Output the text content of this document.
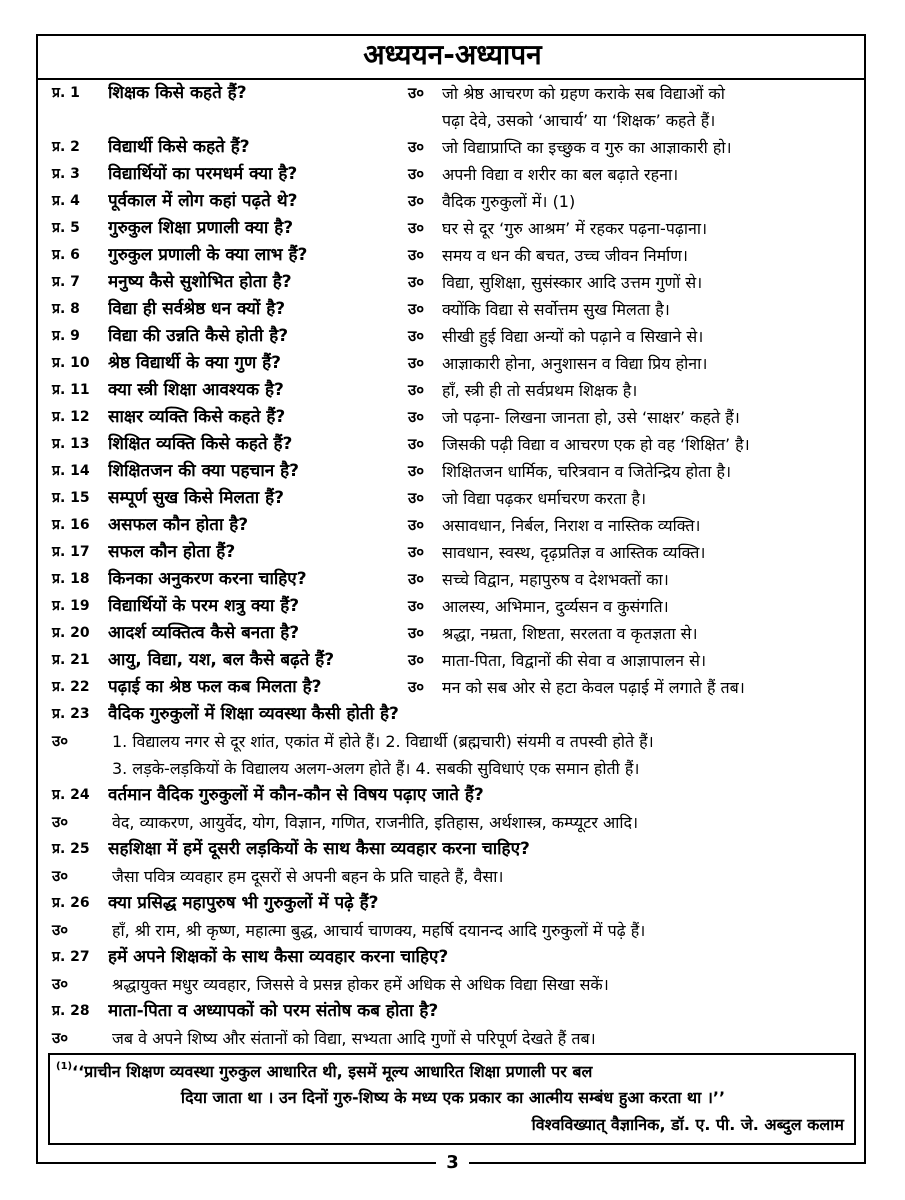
अध्ययन-अध्यापन
प्र. 1 शिक्षक किसे कहते हैं?	उ० जो श्रेष्ठ आचरण को ग्रहण कराके सब विद्याओं को
पढ़ा देवे, उसको ‘आचार्य’ या ‘शिक्षक’ कहते हैं।
प्र. 2 विद्यार्थी किसे कहते हैं?	उ० जो विद्याप्राप्ति का इच्छुक व गुरु का आज्ञाकारी हो।
प्र. 3 विद्यार्थियों का परमधर्म क्या है?	उ० अपनी विद्या व शरीर का बल बढ़ाते रहना।
प्र. 4 पूर्वकाल में लोग कहां पढ़ते थे?	उ० वैदिक गुरुकुलों में। (1)
प्र. 5 गुरुकुल शिक्षा प्रणाली क्या है?	उ० घर से दूर ‘गुरु आश्रम’ में रहकर पढ़ना-पढ़ाना।
प्र. 6 गुरुकुल प्रणाली के क्या लाभ हैं?	उ० समय व धन की बचत, उच्च जीवन निर्माण।
प्र. 7 मनुष्य कैसे सुशोभित होता है?	उ० विद्या, सुशिक्षा, सुसंस्कार आदि उत्तम गुणों से।
प्र. 8 विद्या ही सर्वश्रेष्ठ धन क्यों है?	उ० क्योंकि विद्या से सर्वोत्तम सुख मिलता है।
प्र. 9 विद्या की उन्नति कैसे होती है?	उ० सीखी हुई विद्या अन्यों को पढ़ाने व सिखाने से।
प्र. 10 श्रेष्ठ विद्यार्थी के क्या गुण हैं?	उ० आज्ञाकारी होना, अनुशासन व विद्या प्रिय होना।
प्र. 11 क्या स्त्री शिक्षा आवश्यक है?	उ० हाँ, स्त्री ही तो सर्वप्रथम शिक्षक है।
प्र. 12 साक्षर व्यक्ति किसे कहते हैं?	उ० जो पढ़ना- लिखना जानता हो, उसे ‘साक्षर’ कहते हैं।
प्र. 13 शिक्षित व्यक्ति किसे कहते हैं?	उ० जिसकी पढ़ी विद्या व आचरण एक हो वह ‘शिक्षित’ है।
प्र. 14 शिक्षितजन की क्या पहचान है?	उ० शिक्षितजन धार्मिक, चरित्रवान व जितेन्द्रिय होता है।
प्र. 15 सम्पूर्ण सुख किसे मिलता हैं?	उ० जो विद्या पढ़कर धर्माचरण करता है।
प्र. 16 असफल कौन होता है?	उ० असावधान, निर्बल, निराश व नास्तिक व्यक्ति।
प्र. 17 सफल कौन होता हैं?	उ० सावधान, स्वस्थ, दृढ़प्रतिज्ञ व आस्तिक व्यक्ति।
प्र. 18 किनका अनुकरण करना चाहिए?	उ० सच्चे विद्वान, महापुरुष व देशभक्तों का।
प्र. 19 विद्यार्थियों के परम शत्रु क्या हैं?	उ० आलस्य, अभिमान, दुर्व्यसन व कुसंगति।
प्र. 20 आदर्श व्यक्तित्व कैसे बनता है?	उ० श्रद्धा, नम्रता, शिष्टता, सरलता व कृतज्ञता से।
प्र. 21 आयु, विद्या, यश, बल कैसे बढ़ते हैं?	उ० माता-पिता, विद्वानों की सेवा व आज्ञापालन से।
प्र. 22 पढ़ाई का श्रेष्ठ फल कब मिलता है?	उ० मन को सब ओर से हटा केवल पढ़ाई में लगाते हैं तब।
प्र. 23 वैदिक गुरुकुलों में शिक्षा व्यवस्था कैसी होती है?
उ०	1. विद्यालय नगर से दूर शांत, एकांत में होते हैं। 2. विद्यार्थी (ब्रह्मचारी) संयमी व तपस्वी होते हैं।
3. लड़के-लड़कियों के विद्यालय अलग-अलग होते हैं। 4. सबकी सुविधाएं एक समान होती हैं।
प्र. 24 वर्तमान वैदिक गुरुकुलों में कौन-कौन से विषय पढ़ाए जाते हैं?
उ०	वेद, व्याकरण, आयुर्वेद, योग, विज्ञान, गणित, राजनीति, इतिहास, अर्थशास्त्र, कम्प्यूटर आदि।
प्र. 25 सहशिक्षा में हमें दूसरी लड़कियों के साथ कैसा व्यवहार करना चाहिए?
उ०	जैसा पवित्र व्यवहार हम दूसरों से अपनी बहन के प्रति चाहते हैं, वैसा।
प्र. 26 क्या प्रसिद्ध महापुरुष भी गुरुकुलों में पढ़े हैं?
उ०	हाँ, श्री राम, श्री कृष्ण, महात्मा बुद्ध, आचार्य चाणक्य, महर्षि दयानन्द आदि गुरुकुलों में पढ़े हैं।
प्र. 27 हमें अपने शिक्षकों के साथ कैसा व्यवहार करना चाहिए?
उ०	श्रद्धायुक्त मधुर व्यवहार, जिससे वे प्रसन्न होकर हमें अधिक से अधिक विद्या सिखा सकें।
प्र. 28 माता-पिता व अध्यापकों को परम संतोष कब होता है?
उ०	जब वे अपने शिष्य और संतानों को विद्या, सभ्यता आदि गुणों से परिपूर्ण देखते हैं तब।
(1) ‘‘प्राचीन शिक्षण व्यवस्था गुरुकुल आधारित थी, इसमें मूल्य आधारित शिक्षा प्रणाली पर बल
दिया जाता था । उन दिनों गुरु-शिष्य के मध्य एक प्रकार का आत्मीय सम्बंध हुआ करता था ।’’
विश्वविख्यात् वैज्ञानिक, डॉ. ए. पी. जे. अब्दुल कलाम
3
